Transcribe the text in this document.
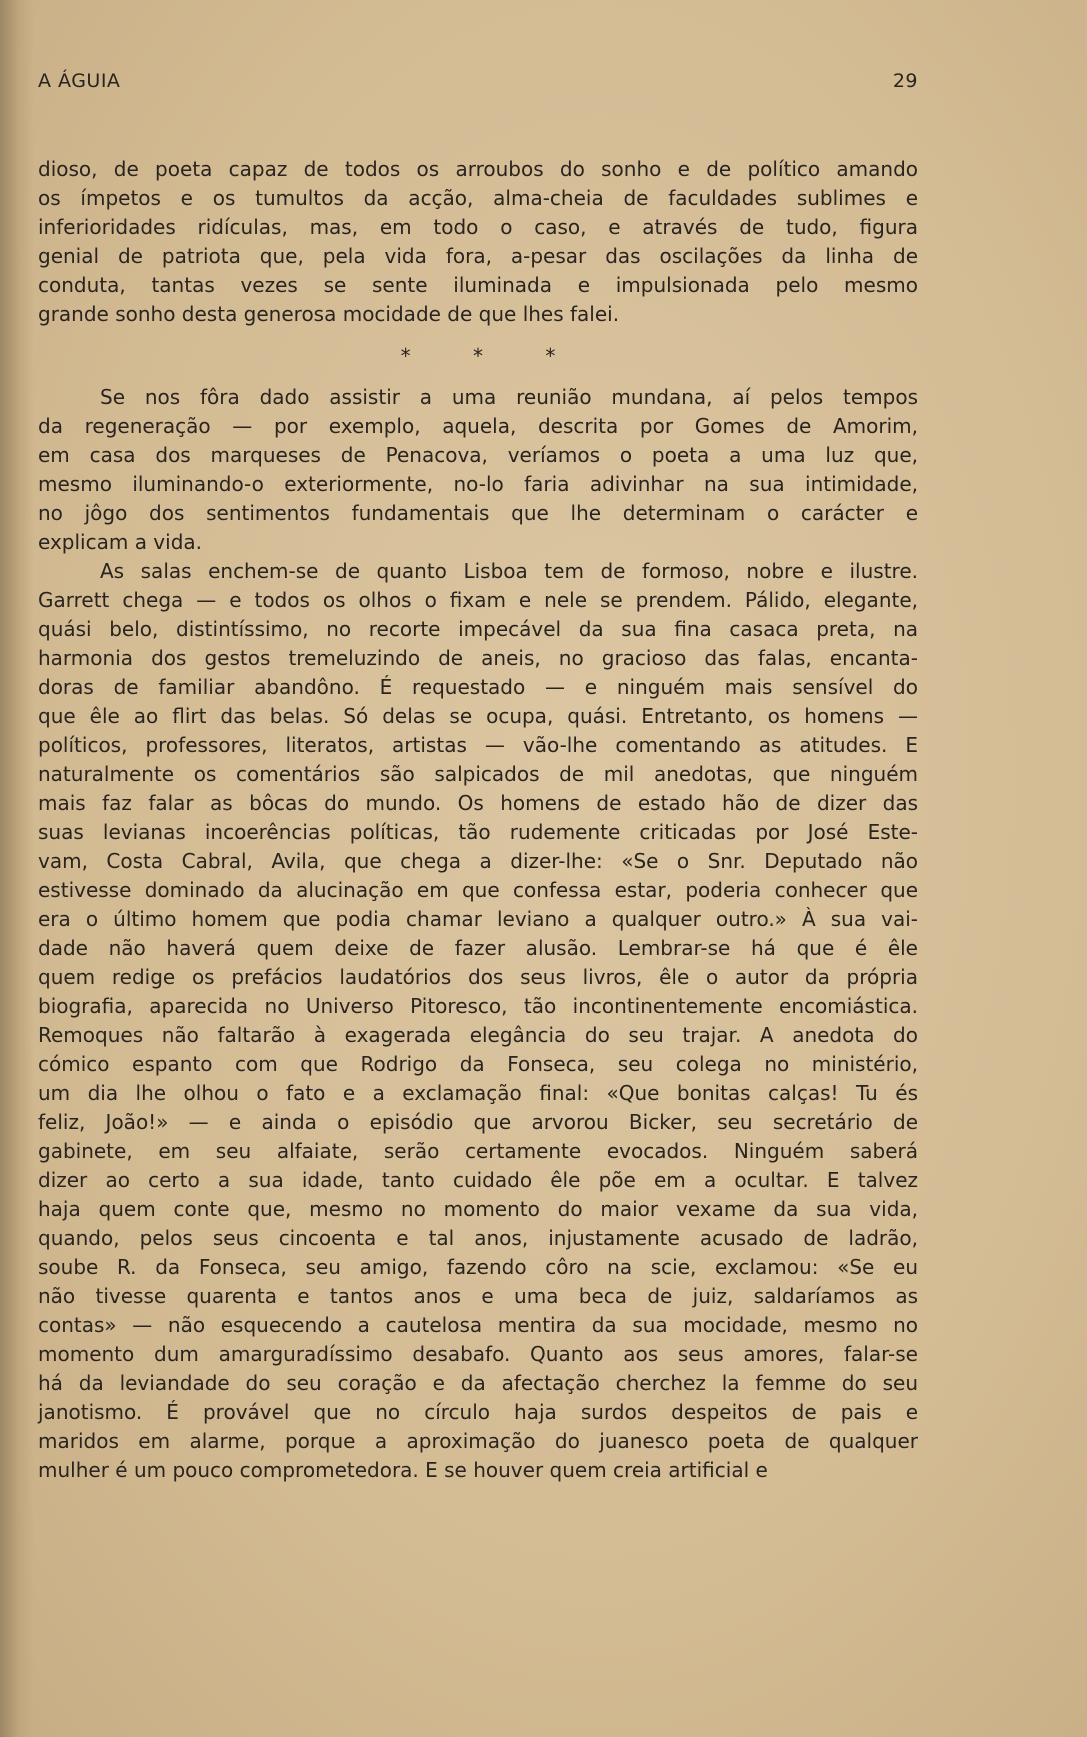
A ÁGUIA	29
dioso, de poeta capaz de todos os arroubos do sonho e de político amando
os ímpetos e os tumultos da acção, alma-cheia de faculdades sublimes e
inferioridades ridículas, mas, em todo o caso, e através de tudo, figura
genial de patriota que, pela vida fora, a-pesar das oscilações da linha de
conduta, tantas vezes se sente iluminada e impulsionada pelo mesmo
grande sonho desta generosa mocidade de que lhes falei.
* * *
Se nos fôra dado assistir a uma reunião mundana, aí pelos tempos
da regeneração — por exemplo, aquela, descrita por Gomes de Amorim,
em casa dos marqueses de Penacova, veríamos o poeta a uma luz que,
mesmo iluminando-o exteriormente, no-lo faria adivinhar na sua intimidade,
no jôgo dos sentimentos fundamentais que lhe determinam o carácter e
explicam a vida.
As salas enchem-se de quanto Lisboa tem de formoso, nobre e ilustre.
Garrett chega — e todos os olhos o fixam e nele se prendem. Pálido, elegante,
quási belo, distintíssimo, no recorte impecável da sua fina casaca preta, na
harmonia dos gestos tremeluzindo de aneis, no gracioso das falas, encanta-
doras de familiar abandôno. É requestado — e ninguém mais sensível do
que êle ao flirt das belas. Só delas se ocupa, quási. Entretanto, os homens —
políticos, professores, literatos, artistas — vão-lhe comentando as atitudes. E
naturalmente os comentários são salpicados de mil anedotas, que ninguém
mais faz falar as bôcas do mundo. Os homens de estado hão de dizer das
suas levianas incoerências políticas, tão rudemente criticadas por José Este-
vam, Costa Cabral, Avila, que chega a dizer-lhe: «Se o Snr. Deputado não
estivesse dominado da alucinação em que confessa estar, poderia conhecer que
era o último homem que podia chamar leviano a qualquer outro.» À sua vai-
dade não haverá quem deixe de fazer alusão. Lembrar-se há que é êle
quem redige os prefácios laudatórios dos seus livros, êle o autor da própria
biografia, aparecida no Universo Pitoresco, tão incontinentemente encomiástica.
Remoques não faltarão à exagerada elegância do seu trajar. A anedota do
cómico espanto com que Rodrigo da Fonseca, seu colega no ministério,
um dia lhe olhou o fato e a exclamação final: «Que bonitas calças! Tu és
feliz, João!» — e ainda o episódio que arvorou Bicker, seu secretário de
gabinete, em seu alfaiate, serão certamente evocados. Ninguém saberá
dizer ao certo a sua idade, tanto cuidado êle põe em a ocultar. E talvez
haja quem conte que, mesmo no momento do maior vexame da sua vida,
quando, pelos seus cincoenta e tal anos, injustamente acusado de ladrão,
soube R. da Fonseca, seu amigo, fazendo côro na scie, exclamou: «Se eu
não tivesse quarenta e tantos anos e uma beca de juiz, saldaríamos as
contas» — não esquecendo a cautelosa mentira da sua mocidade, mesmo no
momento dum amarguradíssimo desabafo. Quanto aos seus amores, falar-se
há da leviandade do seu coração e da afectação cherchez la femme do seu
janotismo. É provável que no círculo haja surdos despeitos de pais e
maridos em alarme, porque a aproximação do juanesco poeta de qualquer
mulher é um pouco comprometedora. E se houver quem creia artificial e
